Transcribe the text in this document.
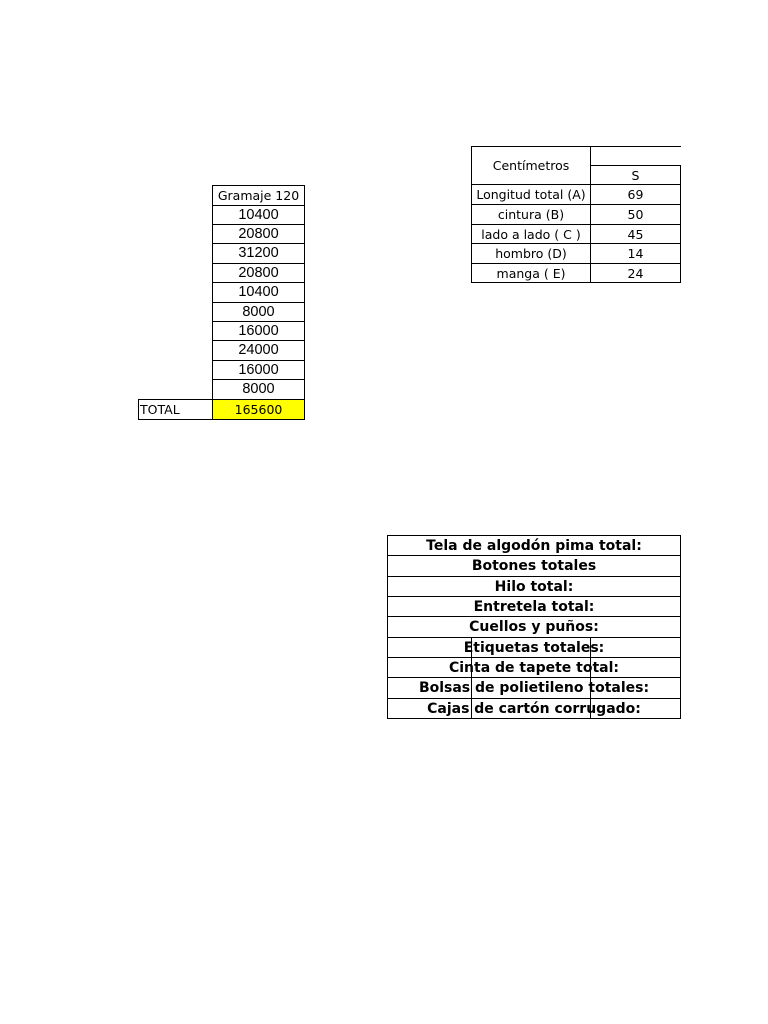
Gramaje 120
10400
20800
31200
20800
10400
8000
16000
24000
16000
8000
TOTAL	165600
Centímetros
S
Longitud total (A)	69
cintura (B)	50
lado a lado ( C )	45
hombro (D)	14
manga ( E)	24
Tela de algodón pima total:
Botones totales
Hilo total:
Entretela total:
Cuellos y puños:
Etiquetas totales:
Cinta de tapete total:
Bolsas de polietileno totales:
Cajas de cartón corrugado:
